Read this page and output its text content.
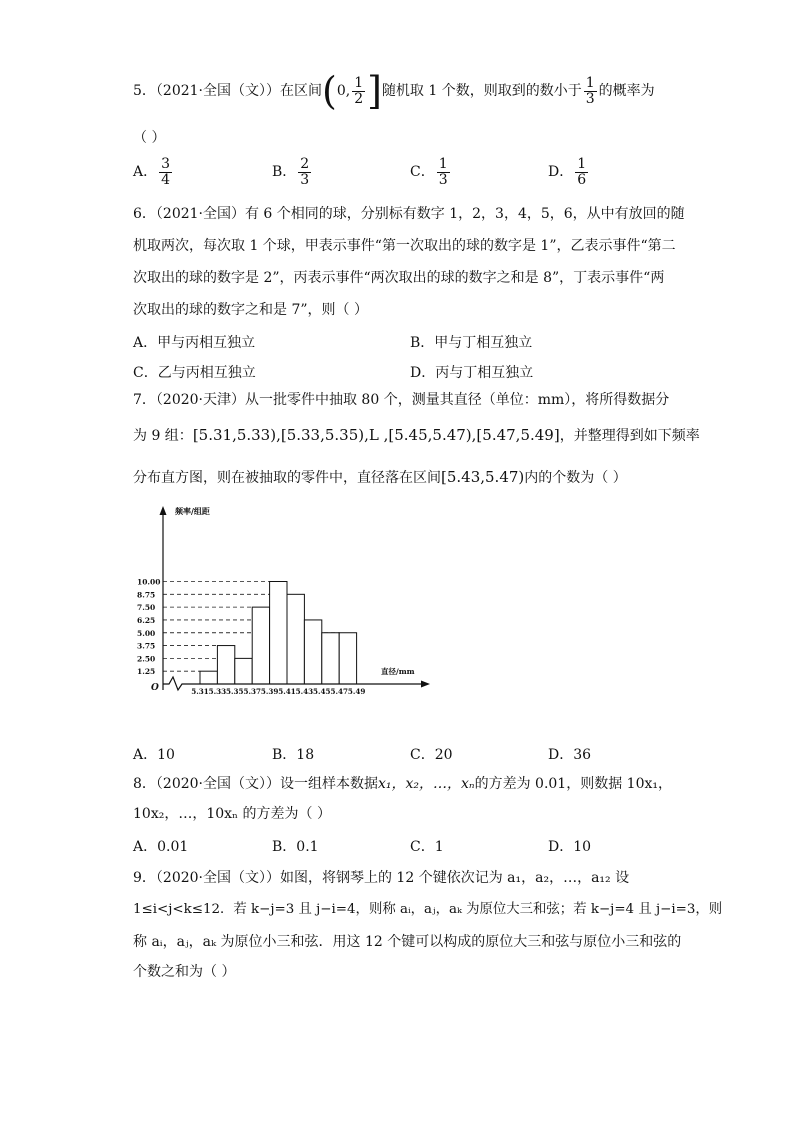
5．（2021·全国（文））在区间 ( 0, $\frac{1}{2}$ ] 随机取 1 个数，则取到的数小于 $\frac{1}{3}$ 的概率为
（ ）
A． $\frac{3}{4}$	B． $\frac{2}{3}$	C． $\frac{1}{3}$	D． $\frac{1}{6}$
6．（2021·全国）有 6 个相同的球，分别标有数字 1，2，3，4，5，6，从中有放回的随
机取两次，每次取 1 个球，甲表示事件“第一次取出的球的数字是 1”，乙表示事件“第二
次取出的球的数字是 2”，丙表示事件“两次取出的球的数字之和是 8”，丁表示事件“两
次取出的球的数字之和是 7”，则（ ）
A．甲与丙相互独立	B．甲与丁相互独立
C．乙与丙相互独立	D．丙与丁相互独立
7．（2020·天津）从一批零件中抽取 80 个，测量其直径（单位：mm），将所得数据分
为 9 组：[5.31,5.33),[5.33,5.35),L ,[5.45,5.47),[5.47,5.49]，并整理得到如下频率
分布直方图，则在被抽取的零件中，直径落在区间[5.43,5.47)内的个数为（ ）
1.25
2.50
3.75
5.00
6.25
7.50
8.75
10.00
5.31 5.33 5.35 5.37 5.39 5.41 5.43 5.45 5.47 5.49
频率/组距
直径/mm
O
A．10	B．18	C．20	D．36
8．（2020·全国（文））设一组样本数据x₁，x₂，…，xₙ的方差为 0.01，则数据 10x₁，
10x₂，…，10xₙ 的方差为（ ）
A．0.01	B．0.1	C．1	D．10
9．（2020·全国（文））如图，将钢琴上的 12 个键依次记为 a₁，a₂，…，a₁₂ 设
1≤i<j<k≤12．若 k−j=3 且 j−i=4，则称 aᵢ，aⱼ，aₖ 为原位大三和弦；若 k−j=4 且 j−i=3，则
称 aᵢ，aⱼ，aₖ 为原位小三和弦．用这 12 个键可以构成的原位大三和弦与原位小三和弦的
个数之和为（ ）
